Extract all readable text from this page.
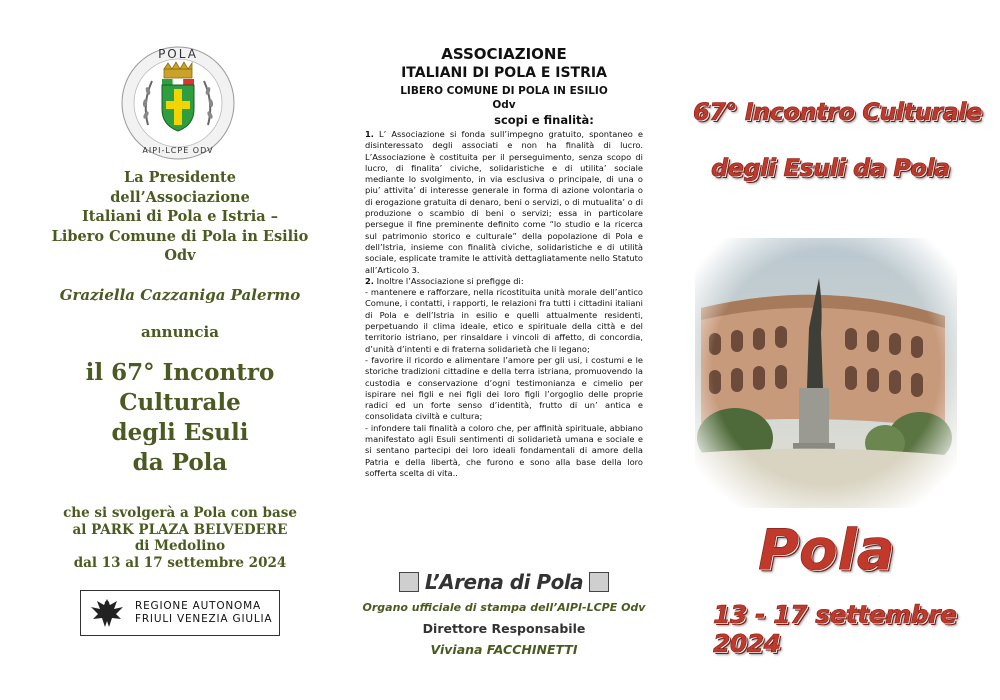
POLA
AIPI-LCPE ODV
La Presidente
dell’Associazione
Italiani di Pola e Istria –
Libero Comune di Pola in Esilio
Odv
Graziella Cazzaniga Palermo
annuncia
il 67° Incontro
Culturale
degli Esuli
da Pola
che si svolgerà a Pola con base
al PARK PLAZA BELVEDERE
di Medolino
dal 13 al 17 settembre 2024
REGIONE AUTONOMA
FRIULI VENEZIA GIULIA
ASSOCIAZIONE
ITALIANI DI POLA E ISTRIA
LIBERO COMUNE DI POLA IN ESILIO
Odv
scopi e finalità:

1. L’ Associazione si fonda sull’impegno gratuito, spontaneo e disinteressato degli associati e non ha finalità di lucro. L’Associazione è costituita per il perseguimento, senza scopo di lucro, di finalita’ civiche, solidaristiche e di utilita’ sociale mediante lo svolgimento, in via esclusiva o principale, di una o piu’ attivita’ di interesse generale in forma di azione volontaria o di erogazione gratuita di denaro, beni o servizi, o di mutualita’ o di produzione o scambio di beni o servizi; essa in particolare persegue il fine preminente definito come “lo studio e la ricerca sul patrimonio storico e culturale” della popolazione di Pola e dell’Istria, insieme con finalità civiche, solidaristiche e di utilità sociale, esplicate tramite le attività dettagliatamente nello Statuto all’Articolo 3.

2. Inoltre l’Associazione si prefigge di:

- mantenere e rafforzare, nella ricostituita unità morale dell’antico Comune, i contatti, i rapporti, le relazioni fra tutti i cittadini italiani di Pola e dell’Istria in esilio e quelli attualmente residenti, perpetuando il clima ideale, etico e spirituale della città e del territorio istriano, per rinsaldare i vincoli di affetto, di concordia, d’unità d’intenti e di fraterna solidarietà che li legano;

- favorire il ricordo e alimentare l’amore per gli usi, i costumi e le storiche tradizioni cittadine e della terra istriana, promuovendo la custodia e conservazione d’ogni testimonianza e cimelio per ispirare nei figli e nei figli dei loro figli l’orgoglio delle proprie radici ed un forte senso d’identità, frutto di un’ antica e consolidata civiltà e cultura;

- infondere tali finalità a coloro che, per affinità spirituale, abbiano manifestato agli Esuli sentimenti di solidarietà umana e sociale e si sentano partecipi dei loro ideali fondamentali di amore della Patria e della libertà, che furono e sono alla base della loro sofferta scelta di vita..

L’Arena di Pola
Organo ufficiale di stampa dell’AIPI-LCPE Odv
Direttore Responsabile
Viviana FACCHINETTI
67° Incontro Culturale
degli Esuli da Pola
Pola
13 - 17 settembre 2024
